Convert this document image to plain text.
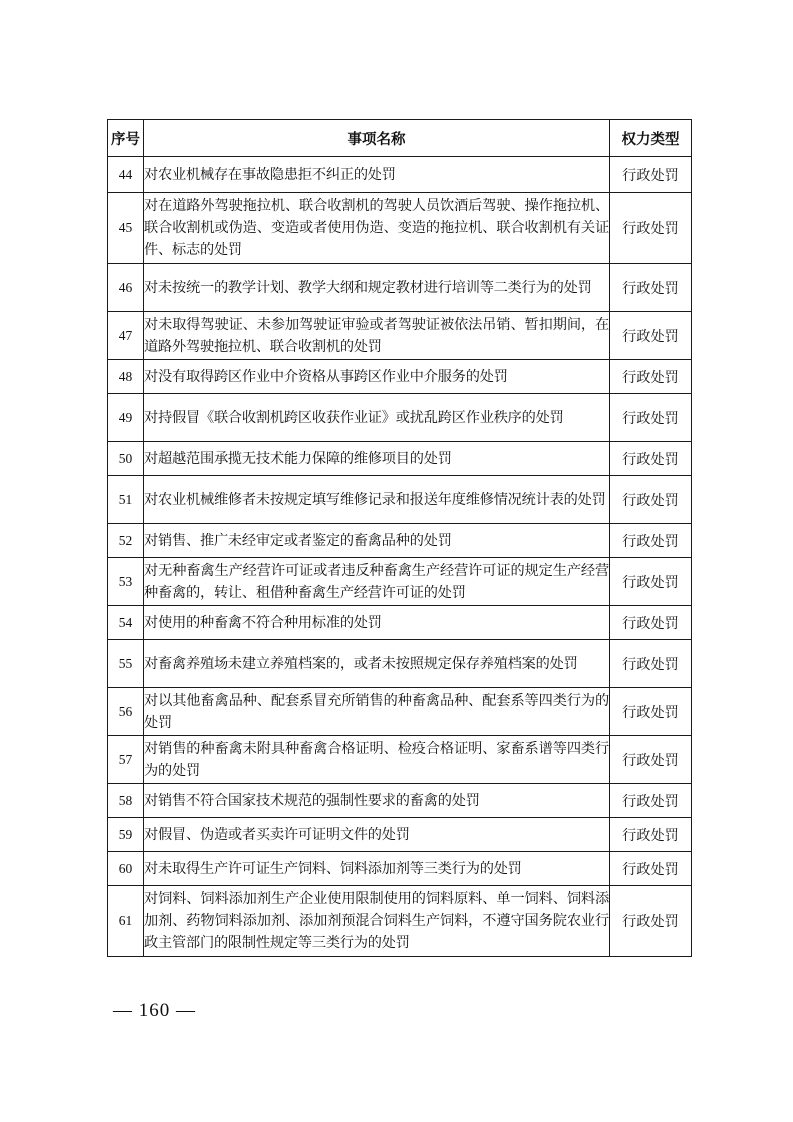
序号	事项名称	权力类型
44	对农业机械存在事故隐患拒不纠正的处罚	行政处罚
45	对在道路外驾驶拖拉机、联合收割机的驾驶人员饮酒后驾驶、操作拖拉机、联合收割机或伪造、变造或者使用伪造、变造的拖拉机、联合收割机有关证件、标志的处罚	行政处罚
46	对未按统一的教学计划、教学大纲和规定教材进行培训等二类行为的处罚	行政处罚
47	对未取得驾驶证、未参加驾驶证审验或者驾驶证被依法吊销、暂扣期间，在道路外驾驶拖拉机、联合收割机的处罚	行政处罚
48	对没有取得跨区作业中介资格从事跨区作业中介服务的处罚	行政处罚
49	对持假冒《联合收割机跨区收获作业证》或扰乱跨区作业秩序的处罚	行政处罚
50	对超越范围承揽无技术能力保障的维修项目的处罚	行政处罚
51	对农业机械维修者未按规定填写维修记录和报送年度维修情况统计表的处罚	行政处罚
52	对销售、推广未经审定或者鉴定的畜禽品种的处罚	行政处罚
53	对无种畜禽生产经营许可证或者违反种畜禽生产经营许可证的规定生产经营种畜禽的，转让、租借种畜禽生产经营许可证的处罚	行政处罚
54	对使用的种畜禽不符合种用标准的处罚	行政处罚
55	对畜禽养殖场未建立养殖档案的，或者未按照规定保存养殖档案的处罚	行政处罚
56	对以其他畜禽品种、配套系冒充所销售的种畜禽品种、配套系等四类行为的处罚	行政处罚
57	对销售的种畜禽未附具种畜禽合格证明、检疫合格证明、家畜系谱等四类行为的处罚	行政处罚
58	对销售不符合国家技术规范的强制性要求的畜禽的处罚	行政处罚
59	对假冒、伪造或者买卖许可证明文件的处罚	行政处罚
60	对未取得生产许可证生产饲料、饲料添加剂等三类行为的处罚	行政处罚
61	对饲料、饲料添加剂生产企业使用限制使用的饲料原料、单一饲料、饲料添加剂、药物饲料添加剂、添加剂预混合饲料生产饲料，不遵守国务院农业行政主管部门的限制性规定等三类行为的处罚	行政处罚
— 160 —
